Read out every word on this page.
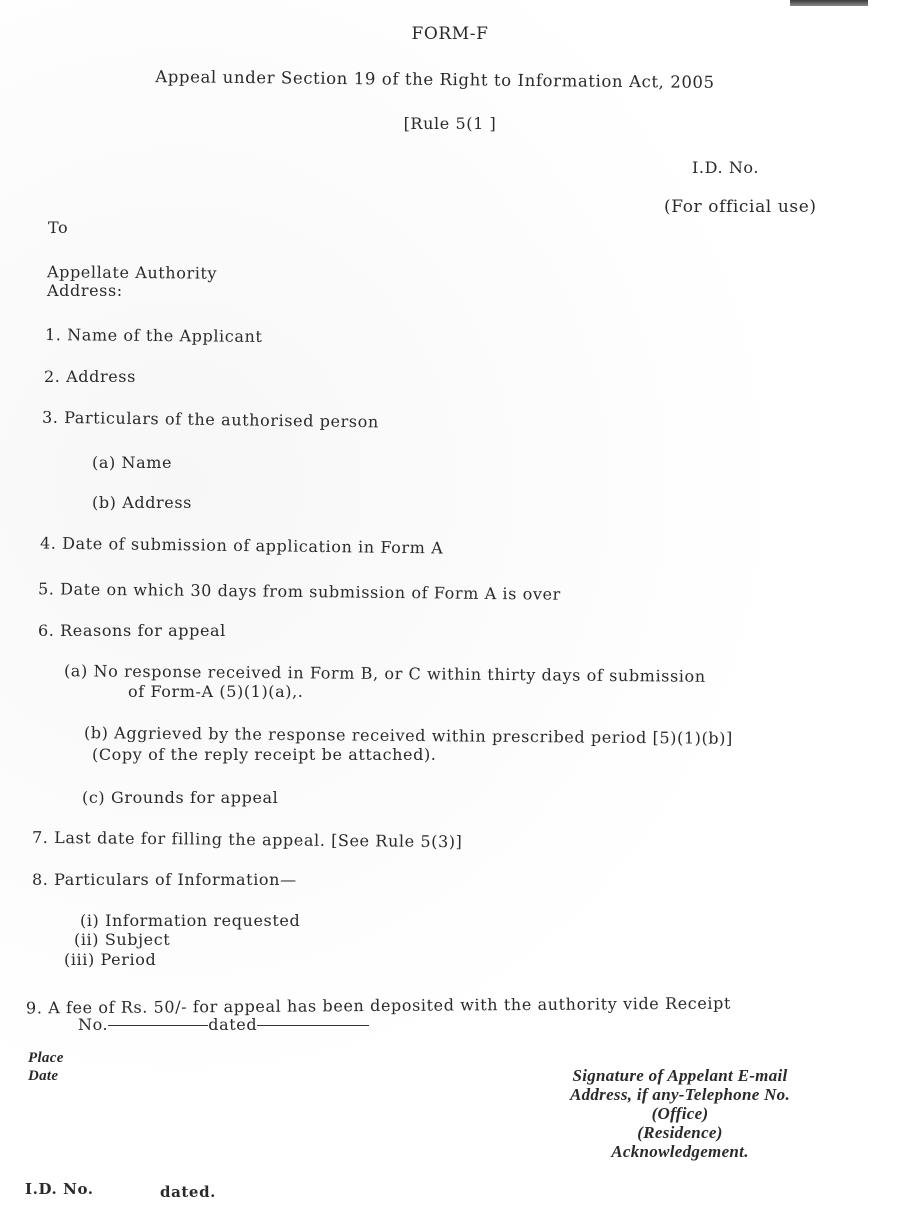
FORM-F
Appeal under Section 19 of the Right to Information Act, 2005
[Rule 5(1 ]
I.D. No.
(For official use)
To
Appellate Authority
Address:
1. Name of the Applicant
2. Address
3. Particulars of the authorised person
(a) Name
(b) Address
4. Date of submission of application in Form A
5. Date on which 30 days from submission of Form A is over
6. Reasons for appeal
(a) No response received in Form B, or C within thirty days of submission
of Form-A (5)(1)(a),.
(b) Aggrieved by the response received within prescribed period [5)(1)(b)]
(Copy of the reply receipt be attached).
(c) Grounds for appeal
7. Last date for filling the appeal. [See Rule 5(3)]
8. Particulars of Information—
(i) Information requested
(ii) Subject
(iii) Period
9. A fee of Rs. 50/- for appeal has been deposited with the authority vide Receipt
No.	dated
Place
Date	Signature of Appelant E-mail
Address, if any-Telephone No.
(Office)
(Residence)
Acknowledgement.
I.D. No.	dated.
